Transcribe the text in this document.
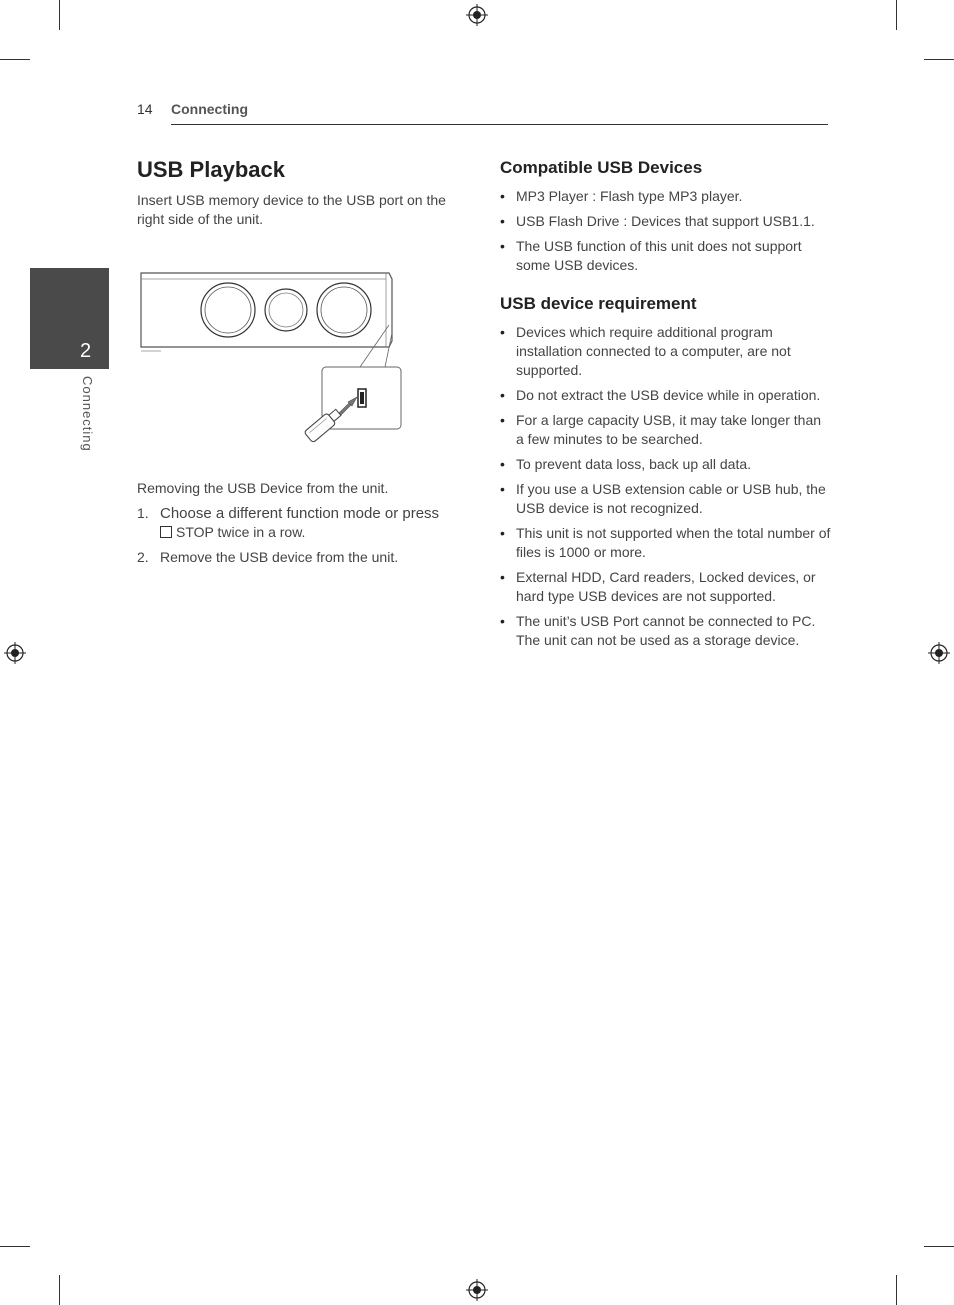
14 Connecting
2
Connecting
USB Playback

Insert USB memory device to the USB port on the right side of the unit.

Removing the USB Device from the unit.

1. Choose a different function mode or press
STOP twice in a row.
2. Remove the USB device from the unit.
Compatible USB Devices
• MP3 Player : Flash type MP3 player.
• USB Flash Drive : Devices that support USB1.1.
• The USB function of this unit does not support some USB devices.
USB device requirement
• Devices which require additional program installation connected to a computer, are not supported.
• Do not extract the USB device while in operation.
• For a large capacity USB, it may take longer than a few minutes to be searched.
• To prevent data loss, back up all data.
• If you use a USB extension cable or USB hub, the USB device is not recognized.
• This unit is not supported when the total number of files is 1000 or more.
• External HDD, Card readers, Locked devices, or hard type USB devices are not supported.
• The unit’s USB Port cannot be connected to PC. The unit can not be used as a storage device.
